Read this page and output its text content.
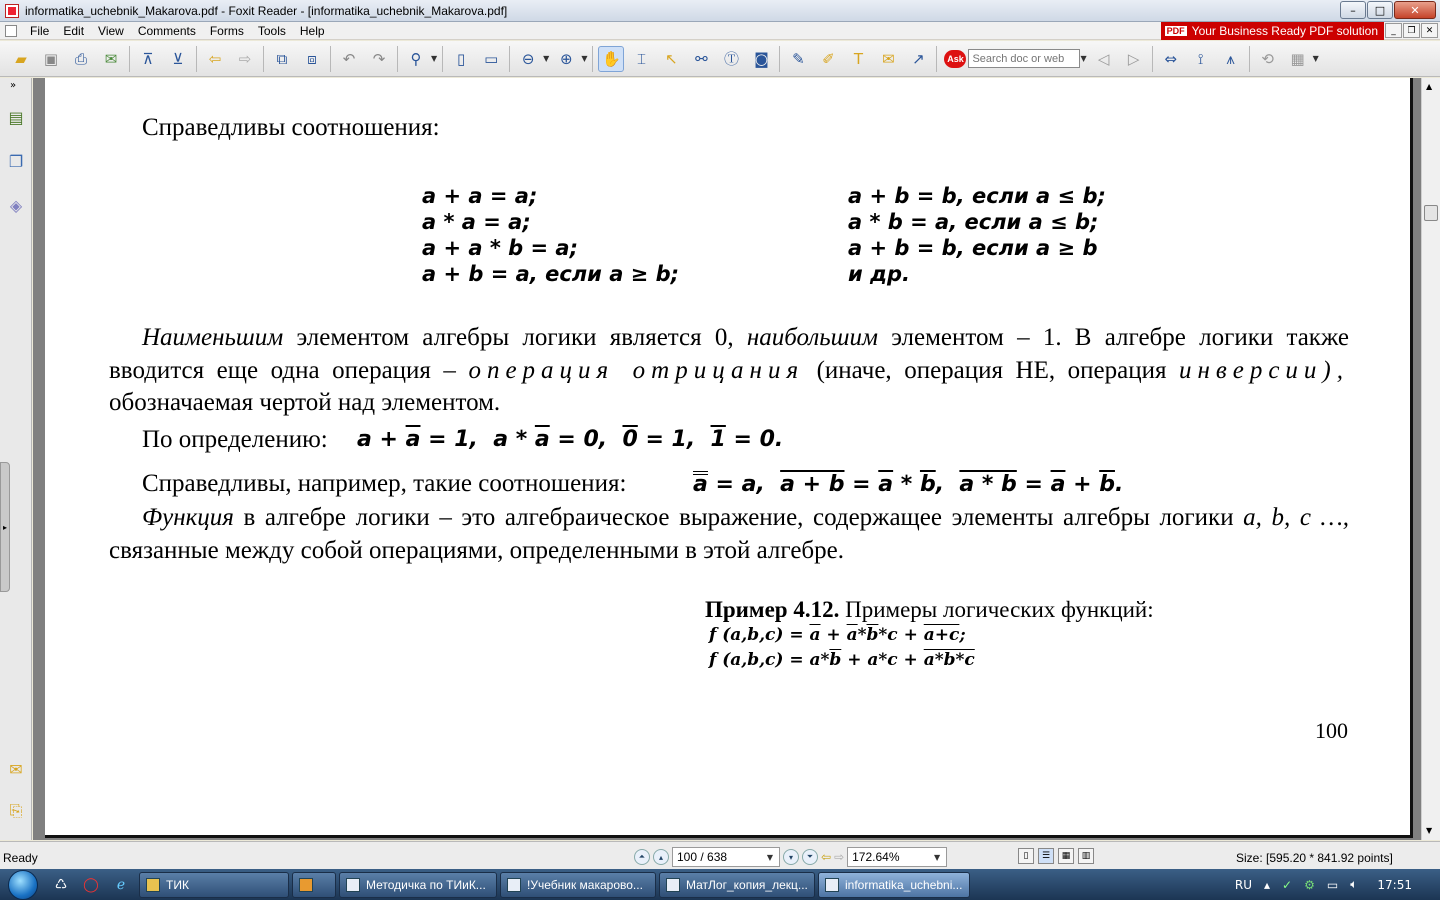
informatika_uchebnik_Makarova.pdf - Foxit Reader - [informatika_uchebnik_Makarova.pdf]	–	□	✕
File	Edit	View	Comments	Forms	Tools	Help	PDF Your Business Ready PDF solution	_	❐	✕
▰	▣	⎙	✉	⊼	⊻	⇦	⇨	⧉	⧈	↶	↷	⚲	▼	▯	▭	⊖	▼ ⊕	▼ ✋	⌶	↖	⚯	Ⓣ	◙	✎	✐	T	✉	↗	Ask
Search doc or web	▼ ◁	▷	⇔	⟟	⩚	⟲	▦ ▼
»
▤
❐
◈
▸
✉
⎘
Справедливы соотношения:
a + a = a;
a * a = a;
a + a * b = a;
a + b = a, если a ≥ b;
a + b = b, если a ≤ b;
a * b = a, если a ≤ b;
a + b = b, если a ≥ b
и др.
Наименьшим элементом алгебры логики является 0, наибольшим элементом – 1. В алгебре логики также вводится еще одна операция – операция отрицания (иначе, операция НЕ, операция инверсии), обозначаемая чертой над элементом.
По определению: $a + \overline{a} = 1$,  $a * \overline{a} = 0$,  0 = 1,  1 = 0.
Справедливы, например, такие соотношения:	a = a,  $a + b = \overline{a} * \overline{b}$,  $a * b = \overline{a} + \overline{b}$.
Функция в алгебре логики – это алгебраическое выражение, содержащее элементы алгебры логики a, b, c …, связанные между собой операциями, определенными в этой алгебре.
Пример 4.12. Примеры логических функций:
f $(a,b,c) = \overline{a} + \overline{a}*\overline{b}*c + a+c$;
f $(a,b,c) = a*\overline{b} + a*c + a*b*c$
100
▲
▼
Ready	⏶	▴	100 / 638	▼	▾	⏷ ⇦ ⇨ 172.64%	▼	▯	☰	▦	▥	Size: [595.20 * 841.92 points]
♺	◯	ℯ	ТИК	Методичка по ТИиК...	!Учебник макарово...	МатЛог_копия_лекц...	informatika_uchebni...	RU ▴ ✓ ⚙ ▭ 🔈︎ 17:51
